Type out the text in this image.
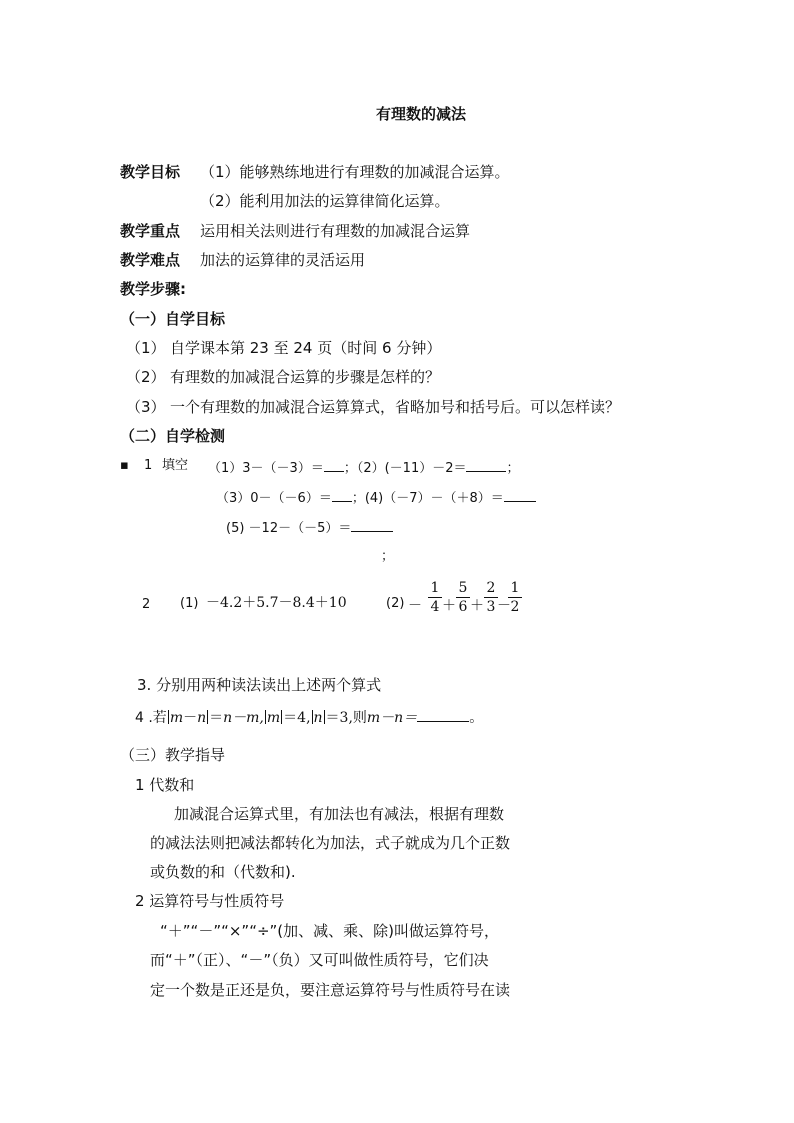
有理数的减法
教学目标 （1）能够熟练地进行有理数的加减混合运算。
（2）能利用加法的运算律简化运算。
教学重点 运用相关法则进行有理数的加减混合运算
教学难点 加法的运算律的灵活运用
教学步骤:
（一）自学目标
（1） 自学课本第 23 至 24 页（时间 6 分钟）
（2） 有理数的加减混合运算的步骤是怎样的？
（3） 一个有理数的加减混合运算算式，省略加号和括号后。可以怎样读？
（二）自学检测
▪ 1 填空 （1）3－（－3）＝ ；（2）(－11）－2＝	；
（3）0－（－6）＝ ；(4)（－7）－（＋8）＝
(5) －12－（－5）＝
；
2 (1) －4.2＋5.7－8.4＋10	(2) －
1
4 ＋
5
6 ＋
2
3 －
1
2
3. 分别用两种读法读出上述两个算式
4 .若 m－n ＝n－m, m ＝4, n ＝3,则m－n＝	。
（三）教学指导
1 代数和
加减混合运算式里，有加法也有减法，根据有理数
的减法法则把减法都转化为加法，式子就成为几个正数
或负数的和（代数和).
2 运算符号与性质符号
“＋”“－”“×”“÷”(加、减、乘、除)叫做运算符号，
而“＋”（正）、“－”（负）又可叫做性质符号，它们决
定一个数是正还是负，要注意运算符号与性质符号在读
